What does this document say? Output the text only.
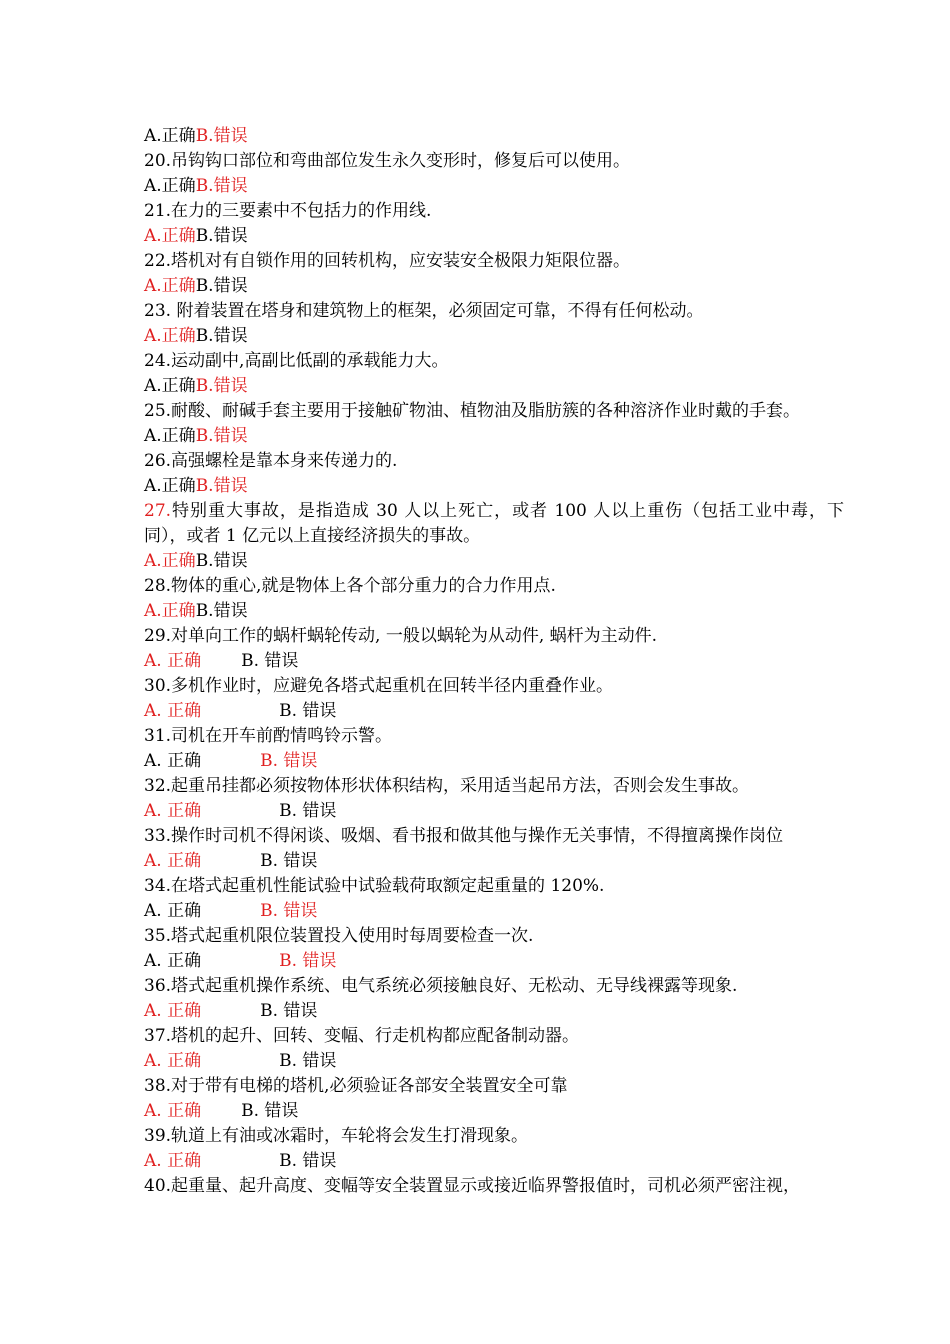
A.正确B.错误
20.吊钩钩口部位和弯曲部位发生永久变形时，修复后可以使用。
A.正确B.错误
21.在力的三要素中不包括力的作用线.
A.正确B.错误
22.塔机对有自锁作用的回转机构，应安装安全极限力矩限位器。
A.正确B.错误
23. 附着装置在塔身和建筑物上的框架，必须固定可靠，不得有任何松动。
A.正确B.错误
24.运动副中,高副比低副的承载能力大。
A.正确B.错误
25.耐酸、耐碱手套主要用于接触矿物油、植物油及脂肪簇的各种溶济作业时戴的手套。
A.正确B.错误
26.高强螺栓是靠本身来传递力的.
A.正确B.错误
27.特别重大事故，是指造成 30 人以上死亡，或者 100 人以上重伤（包括工业中毒，下同），或者 1 亿元以上直接经济损失的事故。
A.正确B.错误
28.物体的重心,就是物体上各个部分重力的合力作用点.
A.正确B.错误
29.对单向工作的蜗杆蜗轮传动, 一般以蜗轮为从动件, 蜗杆为主动件.
A. 正确 B. 错误
30.多机作业时，应避免各塔式起重机在回转半径内重叠作业。
A. 正确	B. 错误
31.司机在开车前酌情鸣铃示警。
A. 正确	B. 错误
32.起重吊挂都必须按物体形状体积结构，采用适当起吊方法，否则会发生事故。
A. 正确	B. 错误
33.操作时司机不得闲谈、吸烟、看书报和做其他与操作无关事情，不得擅离操作岗位
A. 正确	B. 错误
34.在塔式起重机性能试验中试验载荷取额定起重量的 120%.
A. 正确	B. 错误
35.塔式起重机限位装置投入使用时每周要检查一次.
A. 正确	B. 错误
36.塔式起重机操作系统、电气系统必须接触良好、无松动、无导线裸露等现象.
A. 正确	B. 错误
37.塔机的起升、回转、变幅、行走机构都应配备制动器。
A. 正确	B. 错误
38.对于带有电梯的塔机,必须验证各部安全装置安全可靠
A. 正确 B. 错误
39.轨道上有油或冰霜时，车轮将会发生打滑现象。
A. 正确	B. 错误
40.起重量、起升高度、变幅等安全装置显示或接近临界警报值时，司机必须严密注视，
